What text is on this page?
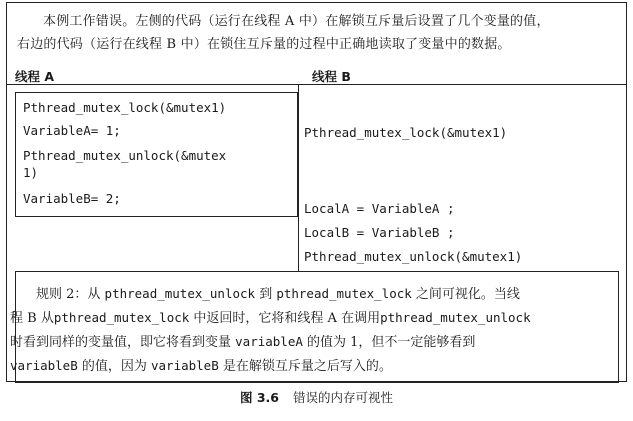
本例工作错误。左侧的代码（运行在线程 A 中）在解锁互斥量后设置了几个变量的值，
右边的代码（运行在线程 B 中）在锁住互斥量的过程中正确地读取了变量中的数据。
线程 A	线程 B
Pthread_mutex_lock(&mutex1)
VariableA= 1;
Pthread_mutex_unlock(&mutex
1)
VariableB= 2;
Pthread_mutex_lock(&mutex1)
LocalA = VariableA ;
LocalB = VariableB ;
Pthread_mutex_unlock(&mutex1)
规则 2：从 pthread_mutex_unlock 到 pthread_mutex_lock 之间可视化。当线
程 B 从pthread_mutex_lock 中返回时，它将和线程 A 在调用pthread_mutex_unlock
时看到同样的变量值，即它将看到变量 variableA 的值为 1，但不一定能够看到
variableB 的值，因为 variableB 是在解锁互斥量之后写入的。
图 3.6 错误的内存可视性
